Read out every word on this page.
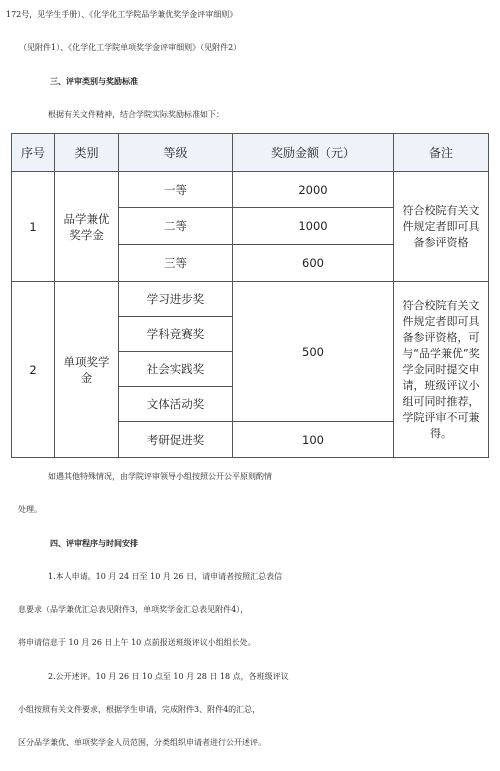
172号，见学生手册）、《化学化工学院品学兼优奖学金评审细则》
（见附件1）、《化学化工学院单项奖学金评审细则》（见附件2）
三、评审类别与奖励标准
根据有关文件精神，结合学院实际奖励标准如下：
序号	类别	等级	奖励金额（元）	备注
1	品学兼优奖学金	一等	2000	符合校院有关文件规定者即可具备参评资格
		二等	1000	
		三等	600	
2	单项奖学金	学习进步奖	500	符合校院有关文件规定者即可具备参评资格，可与“品学兼优”奖学金同时提交申请，班级评议小组可同时推荐，学院评审不可兼得。
		学科竞赛奖		
		社会实践奖		
		文体活动奖		
		考研促进奖	100	
如遇其他特殊情况，由学院评审领导小组按照公开公平原则酌情
处理。
四、评审程序与时间安排
1.本人申请。10 月 24 日至 10 月 26 日，请申请者按照汇总表信
息要求（品学兼优汇总表见附件3，单项奖学金汇总表见附件4），
将申请信息于 10 月 26 日上午 10 点前报送班级评议小组组长处。
2.公开述评。10 月 26 日 10 点至 10 月 28 日 18 点，各班级评议
小组按照有关文件要求，根据学生申请，完成附件3、附件4的汇总，
区分品学兼优、单项奖学金人员范围，分类组织申请者进行公开述评。
